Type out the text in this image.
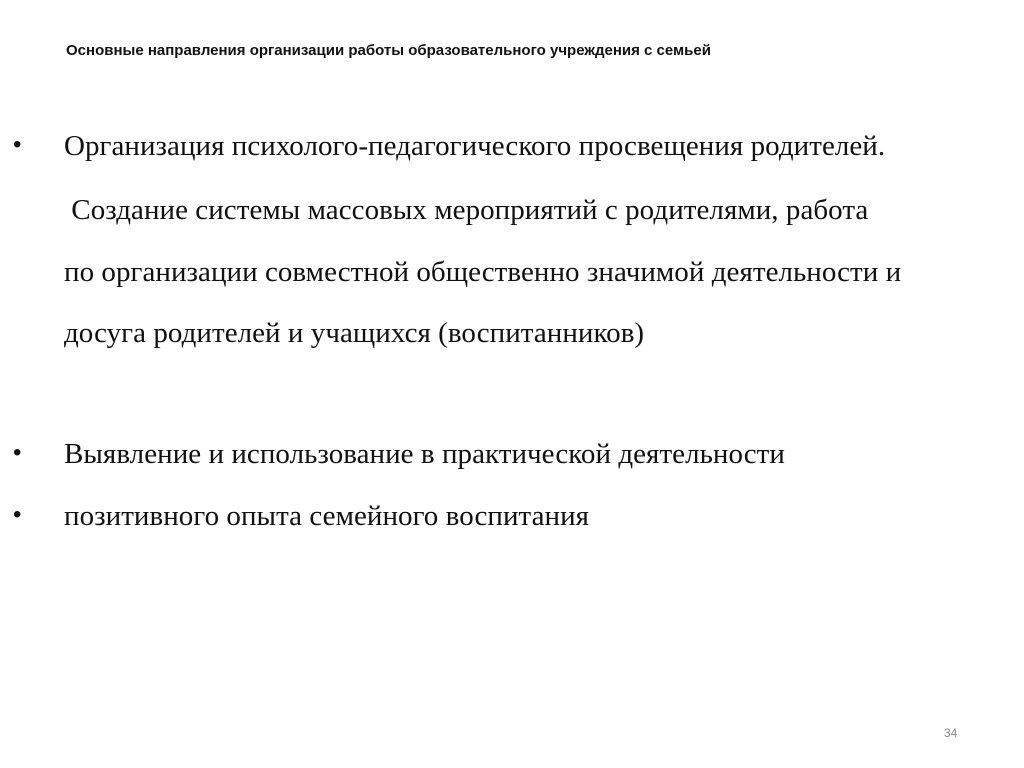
Основные направления организации работы образовательного учреждения с семьей
• Организация психолого-педагогического просвещения родителей.
Создание системы массовых мероприятий с родителями, работа
по организации совместной общественно значимой деятельности и
досуга родителей и учащихся (воспитанников)
• Выявление и использование в практической деятельности
• позитивного опыта семейного воспитания
34
